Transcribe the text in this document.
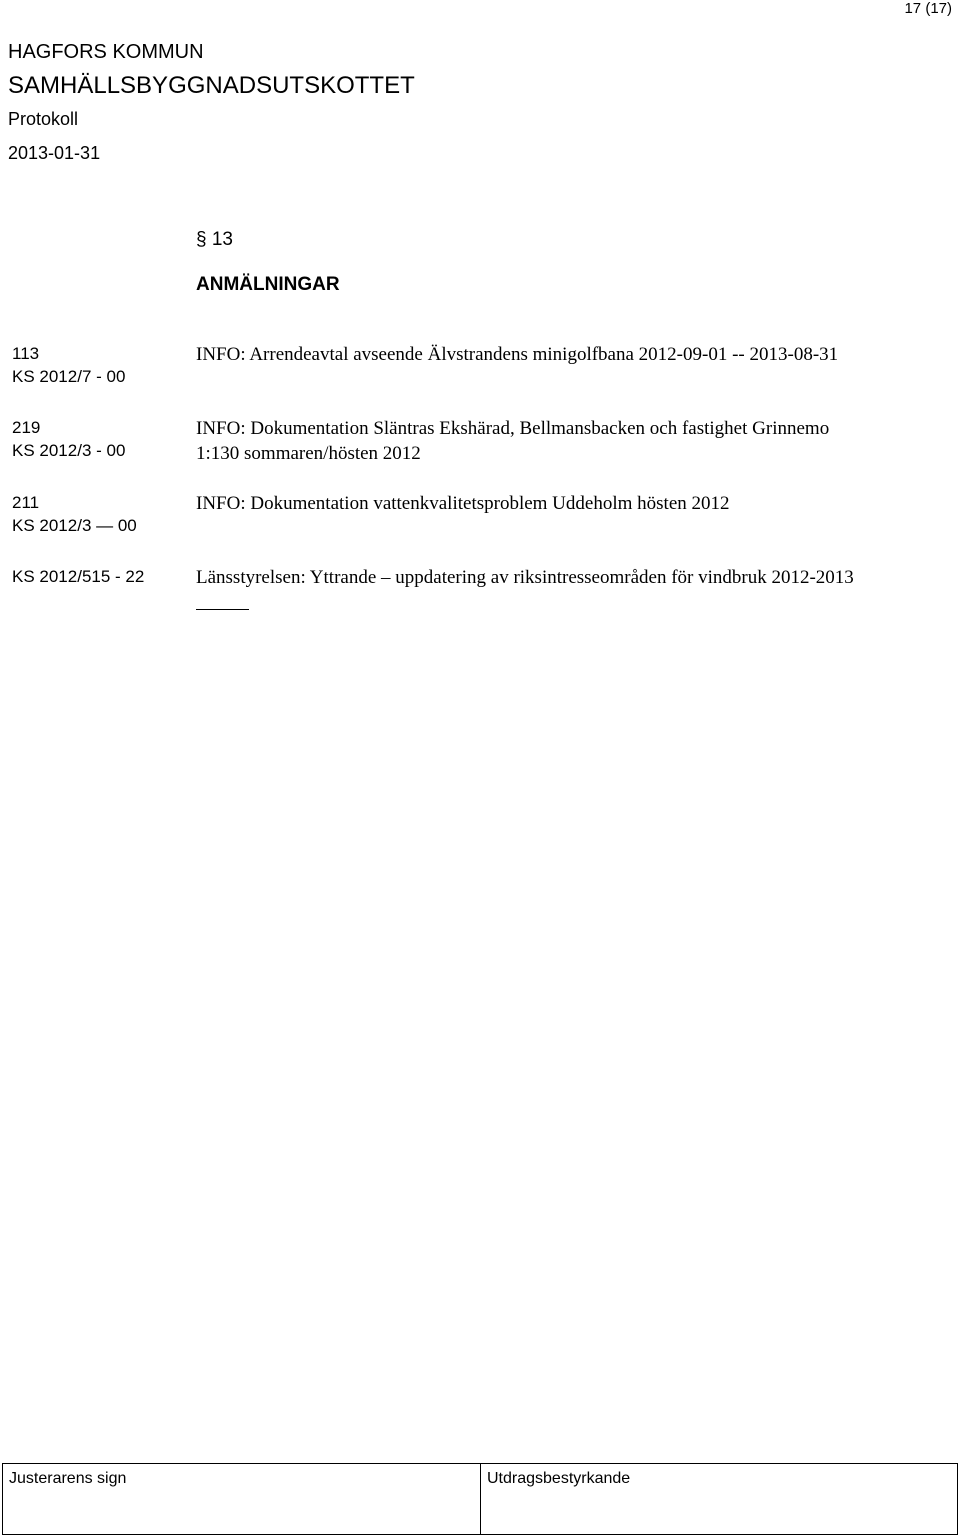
17 (17)
HAGFORS KOMMUN
SAMHÄLLSBYGGNADSUTSKOTTET
Protokoll
2013-01-31
§ 13
ANMÄLNINGAR
113
KS 2012/7 - 00
INFO: Arrendeavtal avseende Älvstrandens minigolfbana 2012-09-01 -- 2013-08-31
219
KS 2012/3 - 00
INFO: Dokumentation Släntras Ekshärad, Bellmansbacken och fastighet Grinnemo
1:130 sommaren/hösten 2012
211
KS 2012/3 — 00
INFO: Dokumentation vattenkvalitetsproblem Uddeholm hösten 2012
KS 2012/515 - 22	Länsstyrelsen: Yttrande – uppdatering av riksintresseområden för vindbruk 2012-2013
Justerarens sign	Utdragsbestyrkande
